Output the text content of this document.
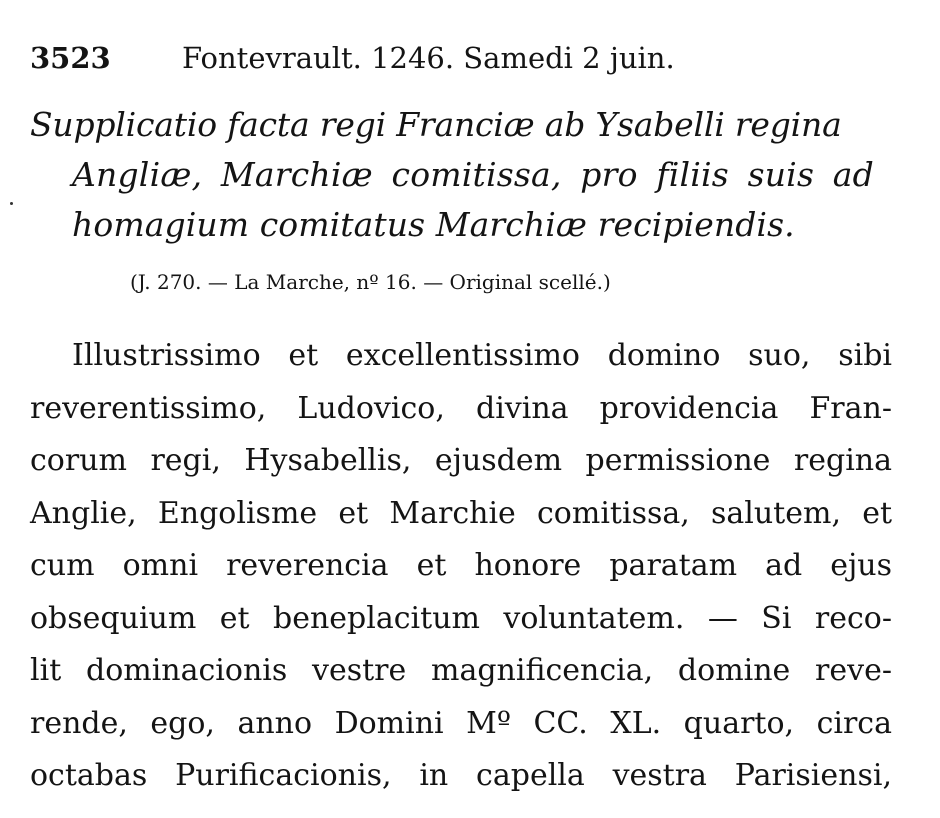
3523 Fontevrault. 1246. Samedi 2 juin.
Supplicatio facta regi Franciæ ab Ysabelli regina
Angliæ, Marchiæ comitissa, pro filiis suis ad
homagium comitatus Marchiæ recipiendis.
(J. 270. — La Marche, nº 16. — Original scellé.)
Illustrissimo et excellentissimo domino suo, sibi
reverentissimo, Ludovico, divina providencia Fran-
corum regi, Hysabellis, ejusdem permissione regina
Anglie, Engolisme et Marchie comitissa, salutem, et
cum omni reverencia et honore paratam ad ejus
obsequium et beneplacitum voluntatem. — Si reco-
lit dominacionis vestre magnificencia, domine reve-
rende, ego, anno Domini Mº CC. XL. quarto, circa
octabas Purificacionis, in capella vestra Parisiensi,
